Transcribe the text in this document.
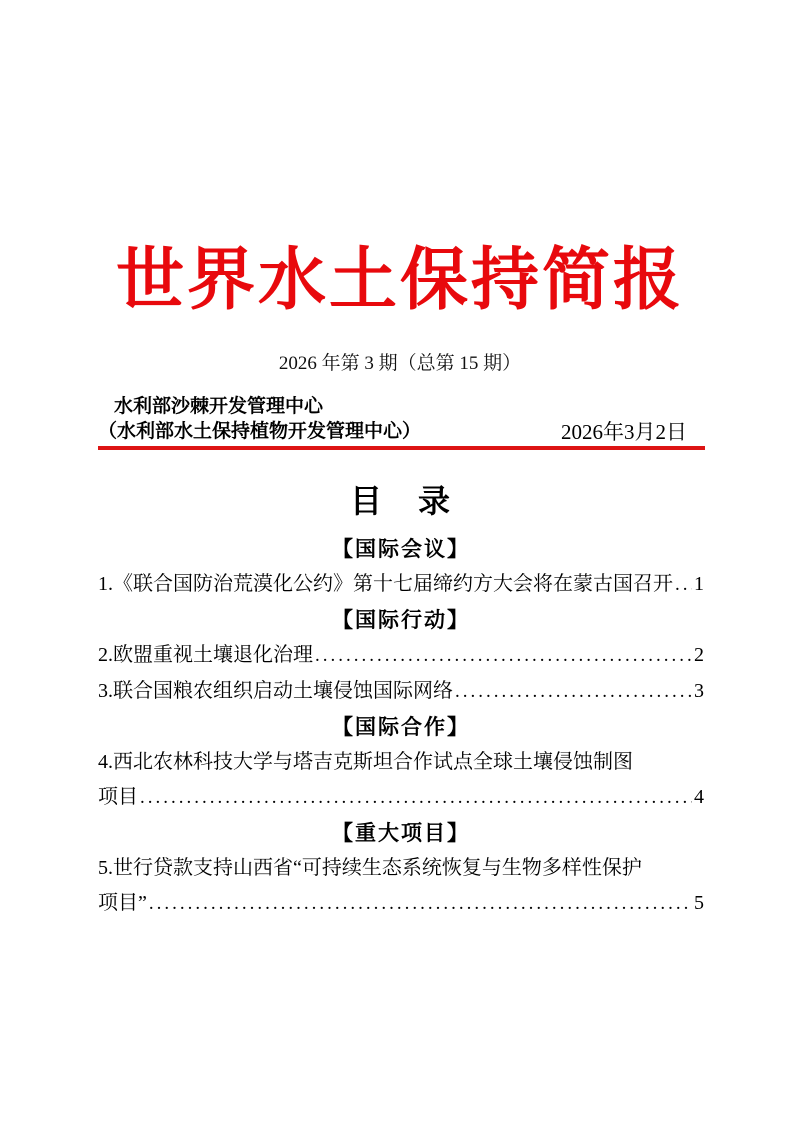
世界水土保持简报
2026 年第 3 期（总第 15 期）
水利部沙棘开发管理中心
（水利部水土保持植物开发管理中心）	2026年3月2日
目　录
【国际会议】
1.《联合国防治荒漠化公约》第十七届缔约方大会将在蒙古国召开 ..... 1
【国际行动】
2.欧盟重视土壤退化治理 .....	2
3.联合国粮农组织启动土壤侵蚀国际网络 .....	3
【国际合作】
4.西北农林科技大学与塔吉克斯坦合作试点全球土壤侵蚀制图
项目 .....	4
【重大项目】
5.世行贷款支持山西省“可持续生态系统恢复与生物多样性保护
项目” .....	5
